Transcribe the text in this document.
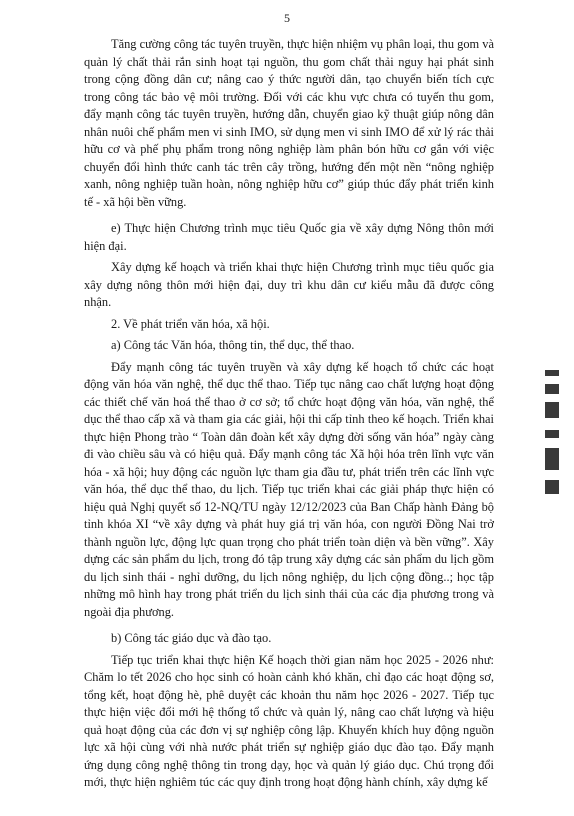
5

Tăng cường công tác tuyên truyền, thực hiện nhiệm vụ phân loại, thu gom và quản lý chất thải rắn sinh hoạt tại nguồn, thu gom chất thải nguy hại phát sinh trong cộng đồng dân cư; nâng cao ý thức người dân, tạo chuyển biến tích cực trong công tác bảo vệ môi trường. Đối với các khu vực chưa có tuyến thu gom, đẩy mạnh công tác tuyên truyền, hướng dẫn, chuyển giao kỹ thuật giúp nông dân nhân nuôi chế phẩm men vi sinh IMO, sử dụng men vi sinh IMO để xử lý rác thải hữu cơ và phế phụ phẩm trong nông nghiệp làm phân bón hữu cơ gắn với việc chuyển đổi hình thức canh tác trên cây trồng, hướng đến một nền “nông nghiệp xanh, nông nghiệp tuần hoàn, nông nghiệp hữu cơ” giúp thúc đẩy phát triển kinh tế - xã hội bền vững.

e) Thực hiện Chương trình mục tiêu Quốc gia về xây dựng Nông thôn mới hiện đại.

Xây dựng kế hoạch và triển khai thực hiện Chương trình mục tiêu quốc gia xây dựng nông thôn mới hiện đại, duy trì khu dân cư kiểu mẫu đã được công nhận.

2. Về phát triển văn hóa, xã hội.

a) Công tác Văn hóa, thông tin, thể dục, thể thao.

Đẩy mạnh công tác tuyên truyền và xây dựng kế hoạch tổ chức các hoạt động văn hóa văn nghệ, thể dục thể thao. Tiếp tục nâng cao chất lượng hoạt động các thiết chế văn hoá thể thao ở cơ sở; tổ chức hoạt động văn hóa, văn nghệ, thể dục thể thao cấp xã và tham gia các giải, hội thi cấp tỉnh theo kế hoạch. Triển khai thực hiện Phong trào “ Toàn dân đoàn kết xây dựng đời sống văn hóa” ngày càng đi vào chiều sâu và có hiệu quả. Đẩy mạnh công tác Xã hội hóa trên lĩnh vực văn hóa - xã hội; huy động các nguồn lực tham gia đầu tư, phát triển trên các lĩnh vực văn hóa, thể dục thể thao, du lịch. Tiếp tục triển khai các giải pháp thực hiện có hiệu quả Nghị quyết số 12-NQ/TU ngày 12/12/2023 của Ban Chấp hành Đảng bộ tỉnh khóa XI “về xây dựng và phát huy giá trị văn hóa, con người Đồng Nai trở thành nguồn lực, động lực quan trọng cho phát triển toàn diện và bền vững”. Xây dựng các sản phẩm du lịch, trong đó tập trung xây dựng các sản phẩm du lịch gồm du lịch sinh thái - nghỉ dưỡng, du lịch nông nghiệp, du lịch cộng đồng..; học tập những mô hình hay trong phát triển du lịch sinh thái của các địa phương trong và ngoài địa phương.

b) Công tác giáo dục và đào tạo.

Tiếp tục triển khai thực hiện Kế hoạch thời gian năm học 2025 - 2026 như: Chăm lo tết 2026 cho học sinh có hoàn cảnh khó khăn, chỉ đạo các hoạt động sơ, tổng kết, hoạt động hè, phê duyệt các khoản thu năm học 2026 - 2027. Tiếp tục thực hiện việc đổi mới hệ thống tổ chức và quản lý, nâng cao chất lượng và hiệu quả hoạt động của các đơn vị sự nghiệp công lập. Khuyến khích huy động nguồn lực xã hội cùng với nhà nước phát triển sự nghiệp giáo dục đào tạo. Đẩy mạnh ứng dụng công nghệ thông tin trong dạy, học và quản lý giáo dục. Chú trọng đổi mới, thực hiện nghiêm túc các quy định trong hoạt động hành chính, xây dựng kế
